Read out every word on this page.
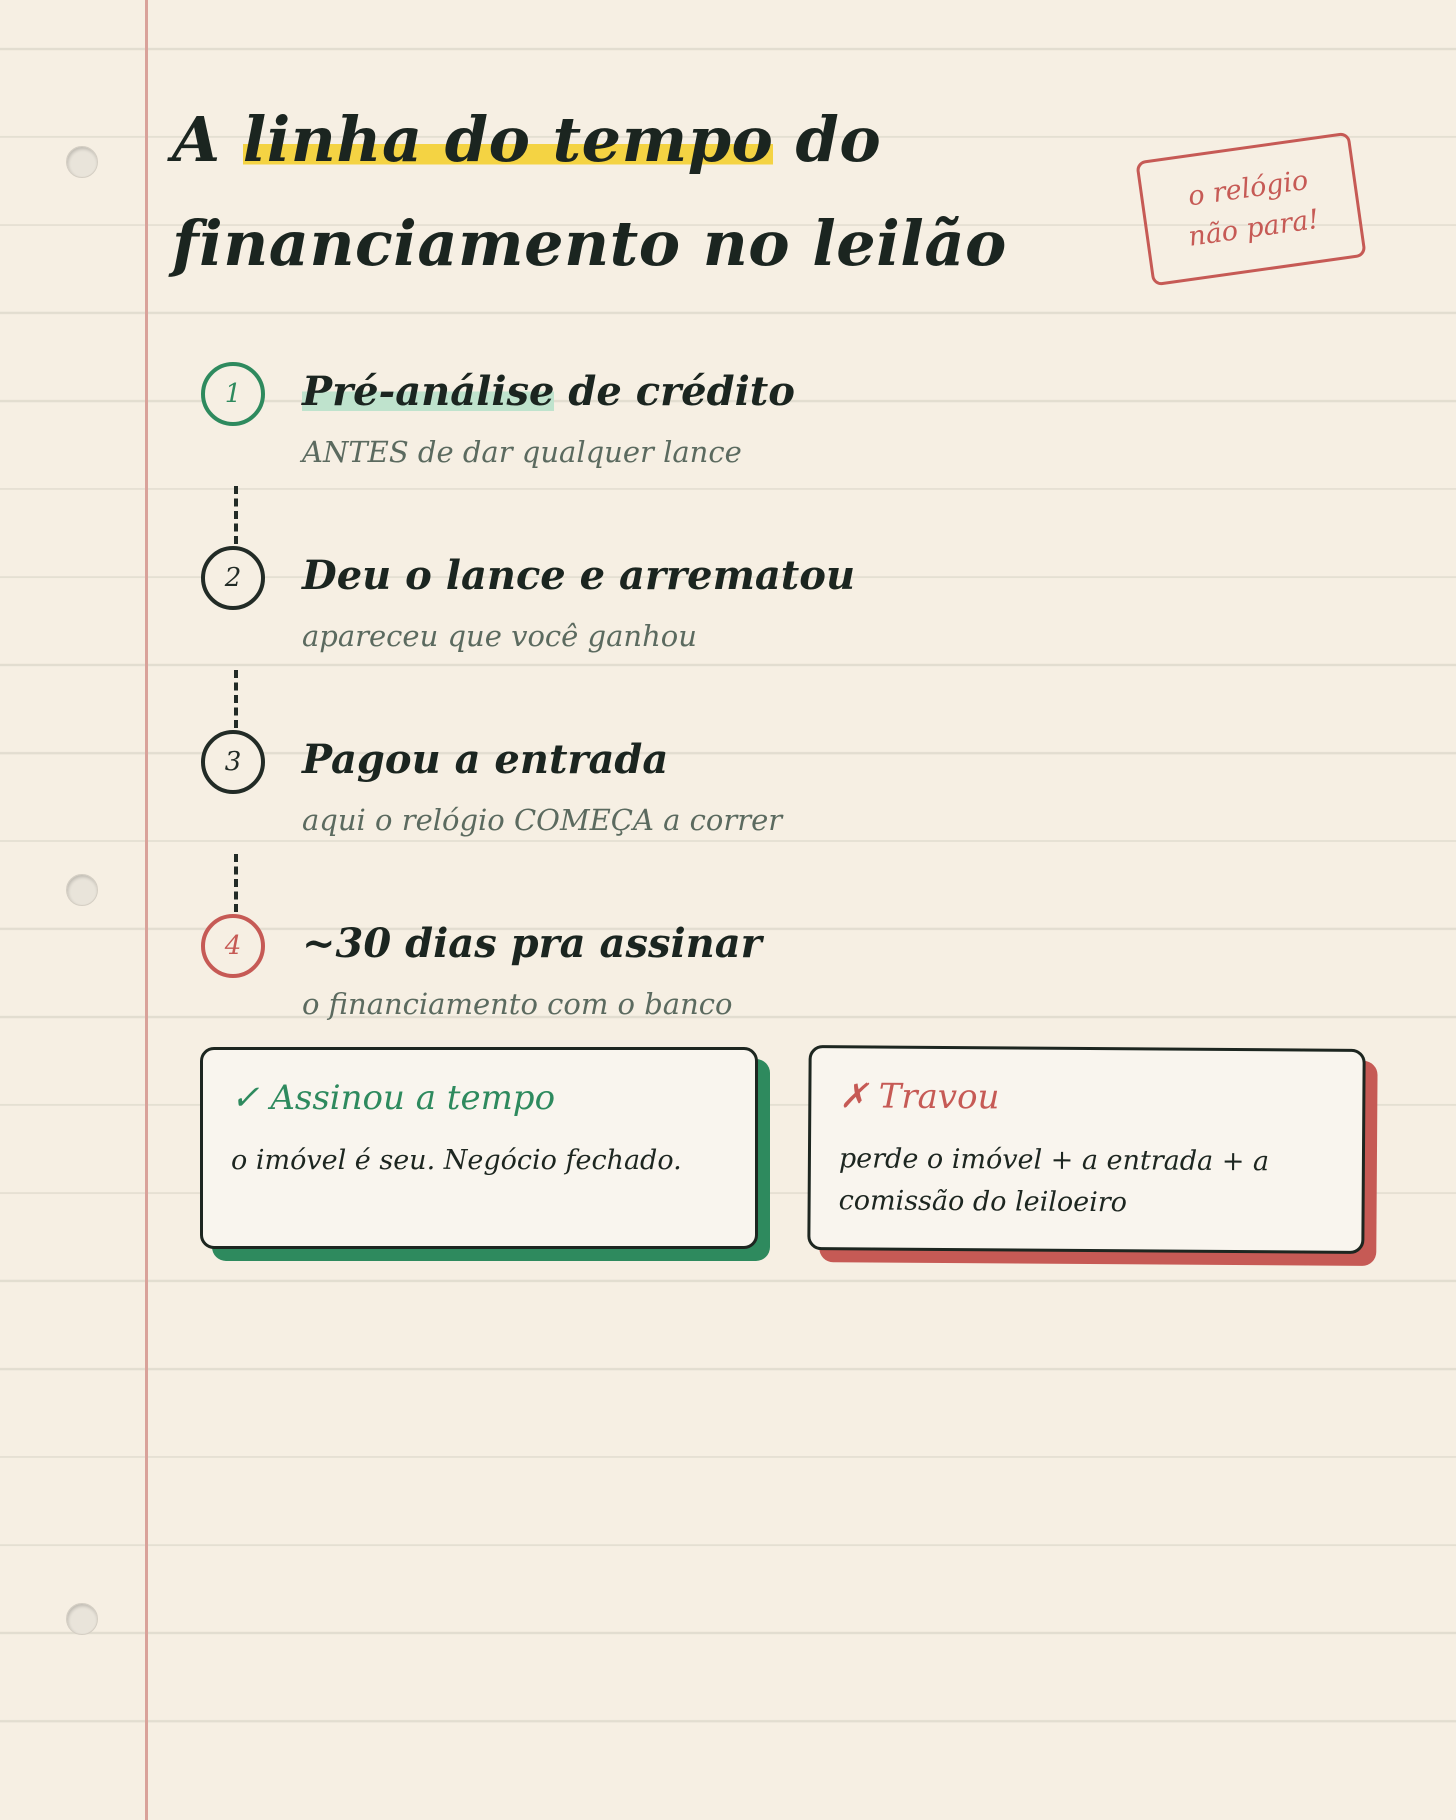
A linha do tempo do
financiamento no leilão
o relógio
não para!
1	Pré-análise de crédito
ANTES de dar qualquer lance
2	Deu o lance e arrematou
apareceu que você ganhou
3	Pagou a entrada
aqui o relógio COMEÇA a correr
4	~30 dias pra assinar
o financiamento com o banco
✓ Assinou a tempo
o imóvel é seu. Negócio fechado.
✗ Travou
perde o imóvel + a entrada + a comissão do leiloeiro
